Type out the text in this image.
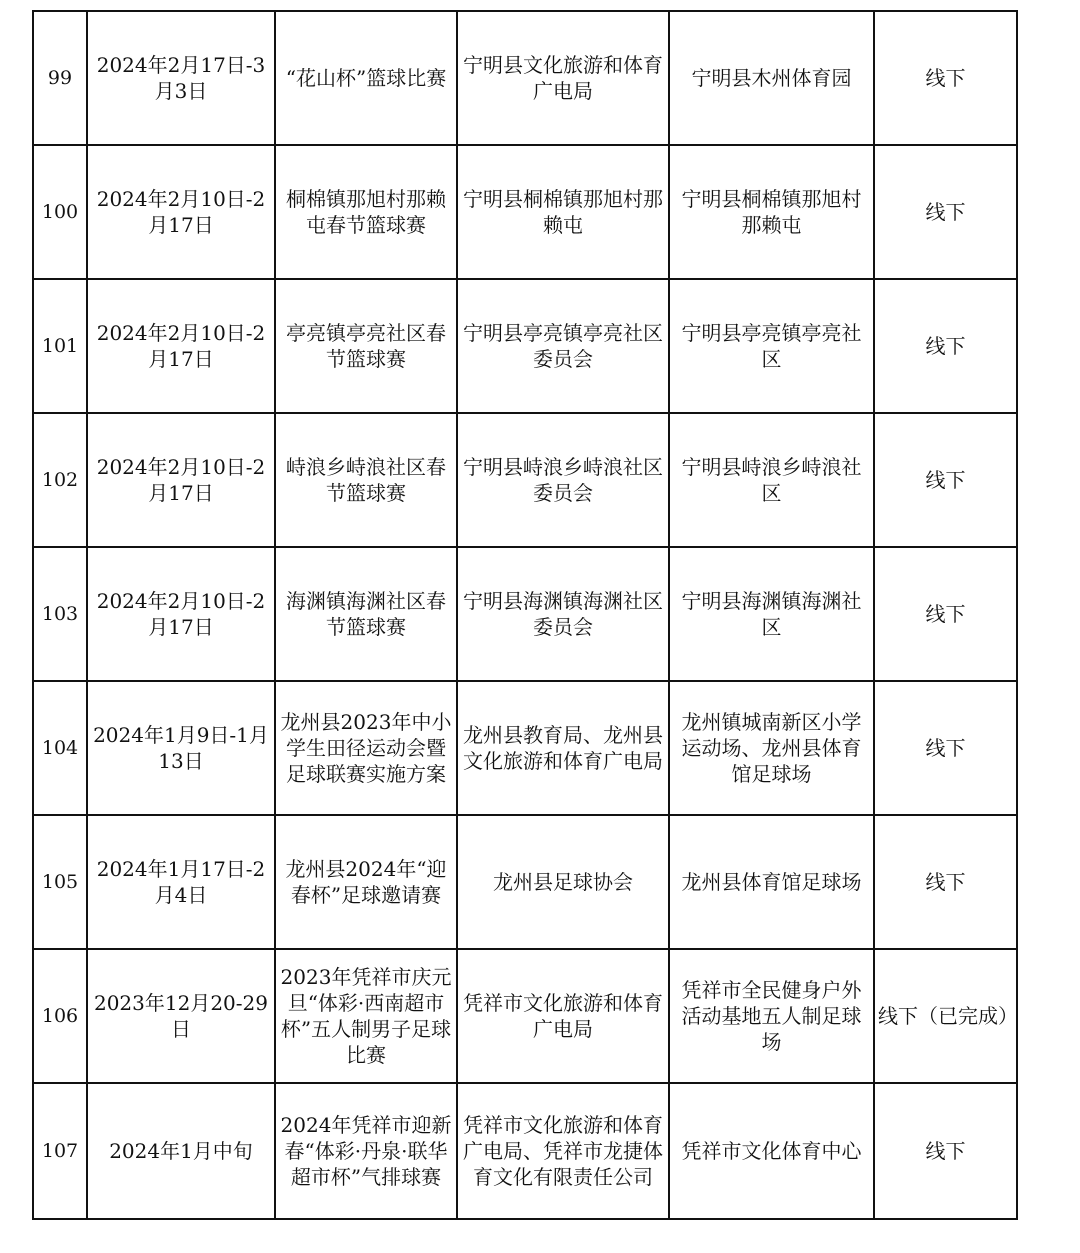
99	2024年2月17日-3月3日	“花山杯”篮球比赛	宁明县文化旅游和体育广电局	宁明县木州体育园	线下
100	2024年2月10日-2月17日	桐棉镇那旭村那赖屯春节篮球赛	宁明县桐棉镇那旭村那赖屯	宁明县桐棉镇那旭村那赖屯	线下
101	2024年2月10日-2月17日	亭亮镇亭亮社区春节篮球赛	宁明县亭亮镇亭亮社区委员会	宁明县亭亮镇亭亮社区	线下
102	2024年2月10日-2月17日	峙浪乡峙浪社区春节篮球赛	宁明县峙浪乡峙浪社区委员会	宁明县峙浪乡峙浪社区	线下
103	2024年2月10日-2月17日	海渊镇海渊社区春节篮球赛	宁明县海渊镇海渊社区委员会	宁明县海渊镇海渊社区	线下
104	2024年1月9日-1月13日	龙州县2023年中小学生田径运动会暨足球联赛实施方案	龙州县教育局、龙州县文化旅游和体育广电局	龙州镇城南新区小学运动场、龙州县体育馆足球场	线下
105	2024年1月17日-2月4日	龙州县2024年“迎春杯”足球邀请赛	龙州县足球协会	龙州县体育馆足球场	线下
106	2023年12月20-29日	2023年凭祥市庆元旦“体彩·西南超市杯”五人制男子足球比赛	凭祥市文化旅游和体育广电局	凭祥市全民健身户外活动基地五人制足球场	线下（已完成）
107	2024年1月中旬	2024年凭祥市迎新春“体彩·丹泉·联华超市杯”气排球赛	凭祥市文化旅游和体育广电局、凭祥市龙捷体育文化有限责任公司	凭祥市文化体育中心	线下
